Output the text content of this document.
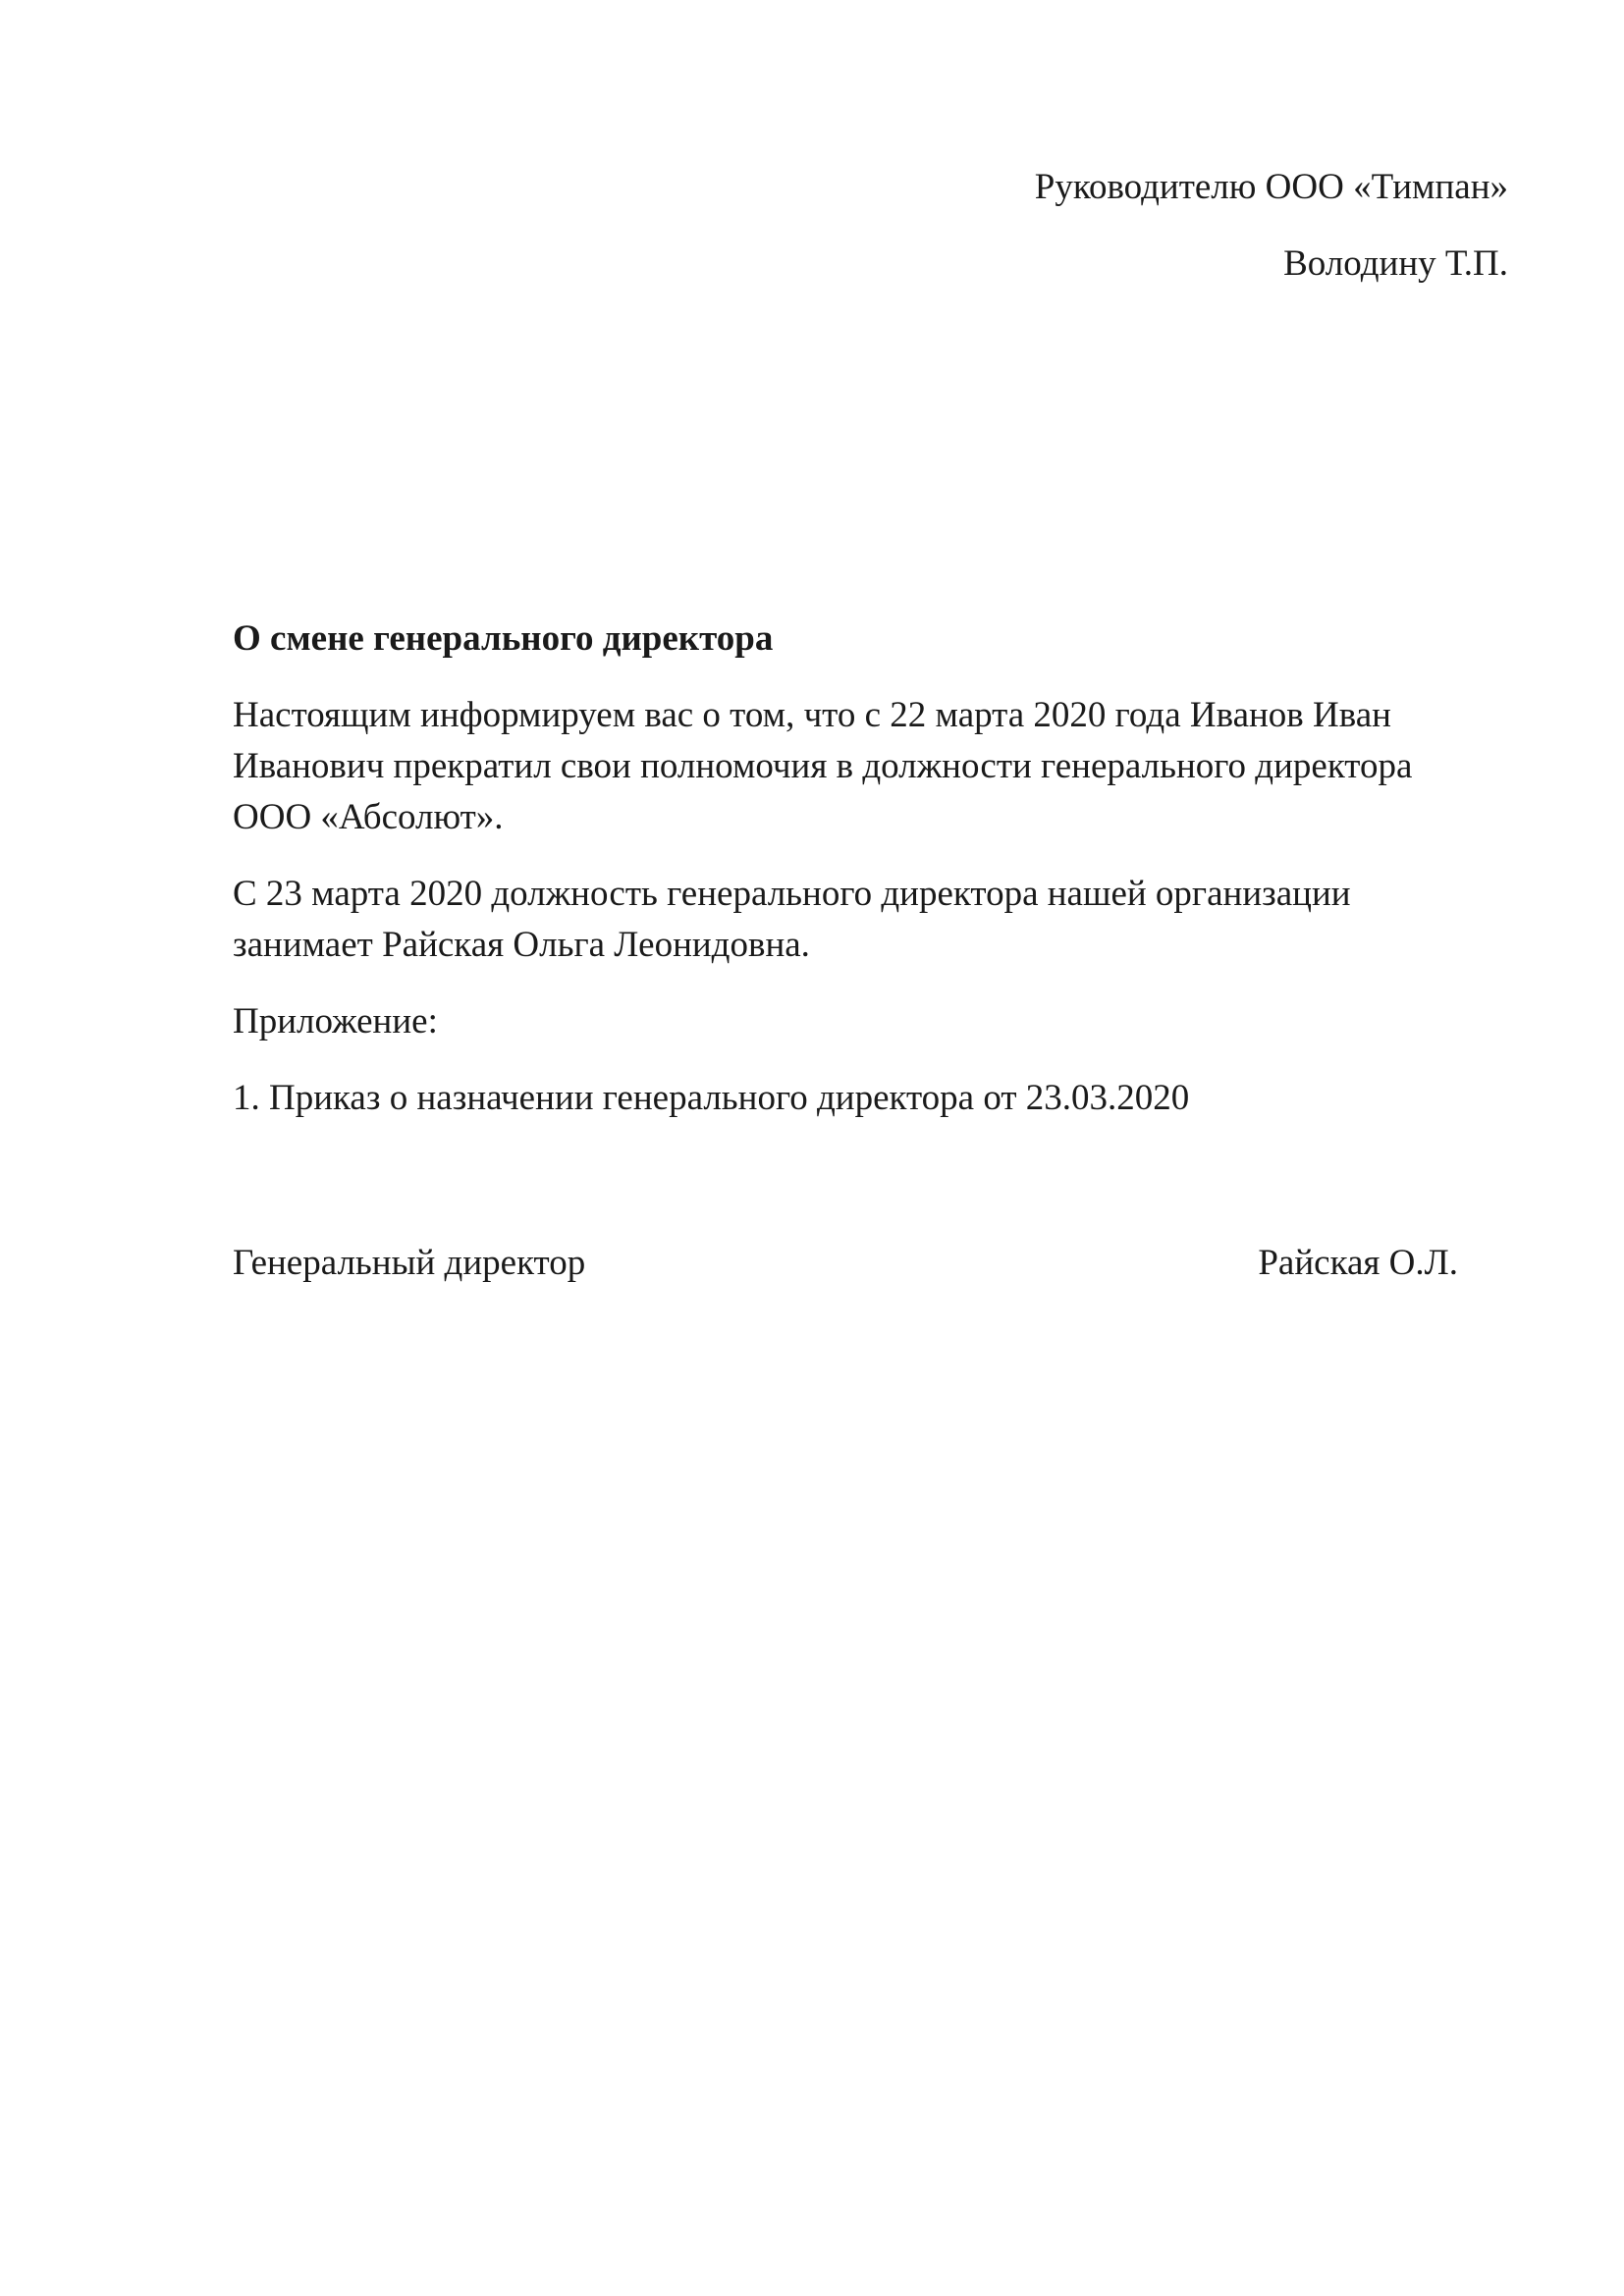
Руководителю ООО «Тимпан»
Володину Т.П.
О смене генерального директора
Настоящим информируем вас о том, что с 22 марта 2020 года Иванов Иван
Иванович прекратил свои полномочия в должности генерального директора
ООО «Абсолют».
С 23 марта 2020 должность генерального директора нашей организации
занимает Райская Ольга Леонидовна.
Приложение:
1. Приказ о назначении генерального директора от 23.03.2020
Генеральный директор	Райская О.Л.
